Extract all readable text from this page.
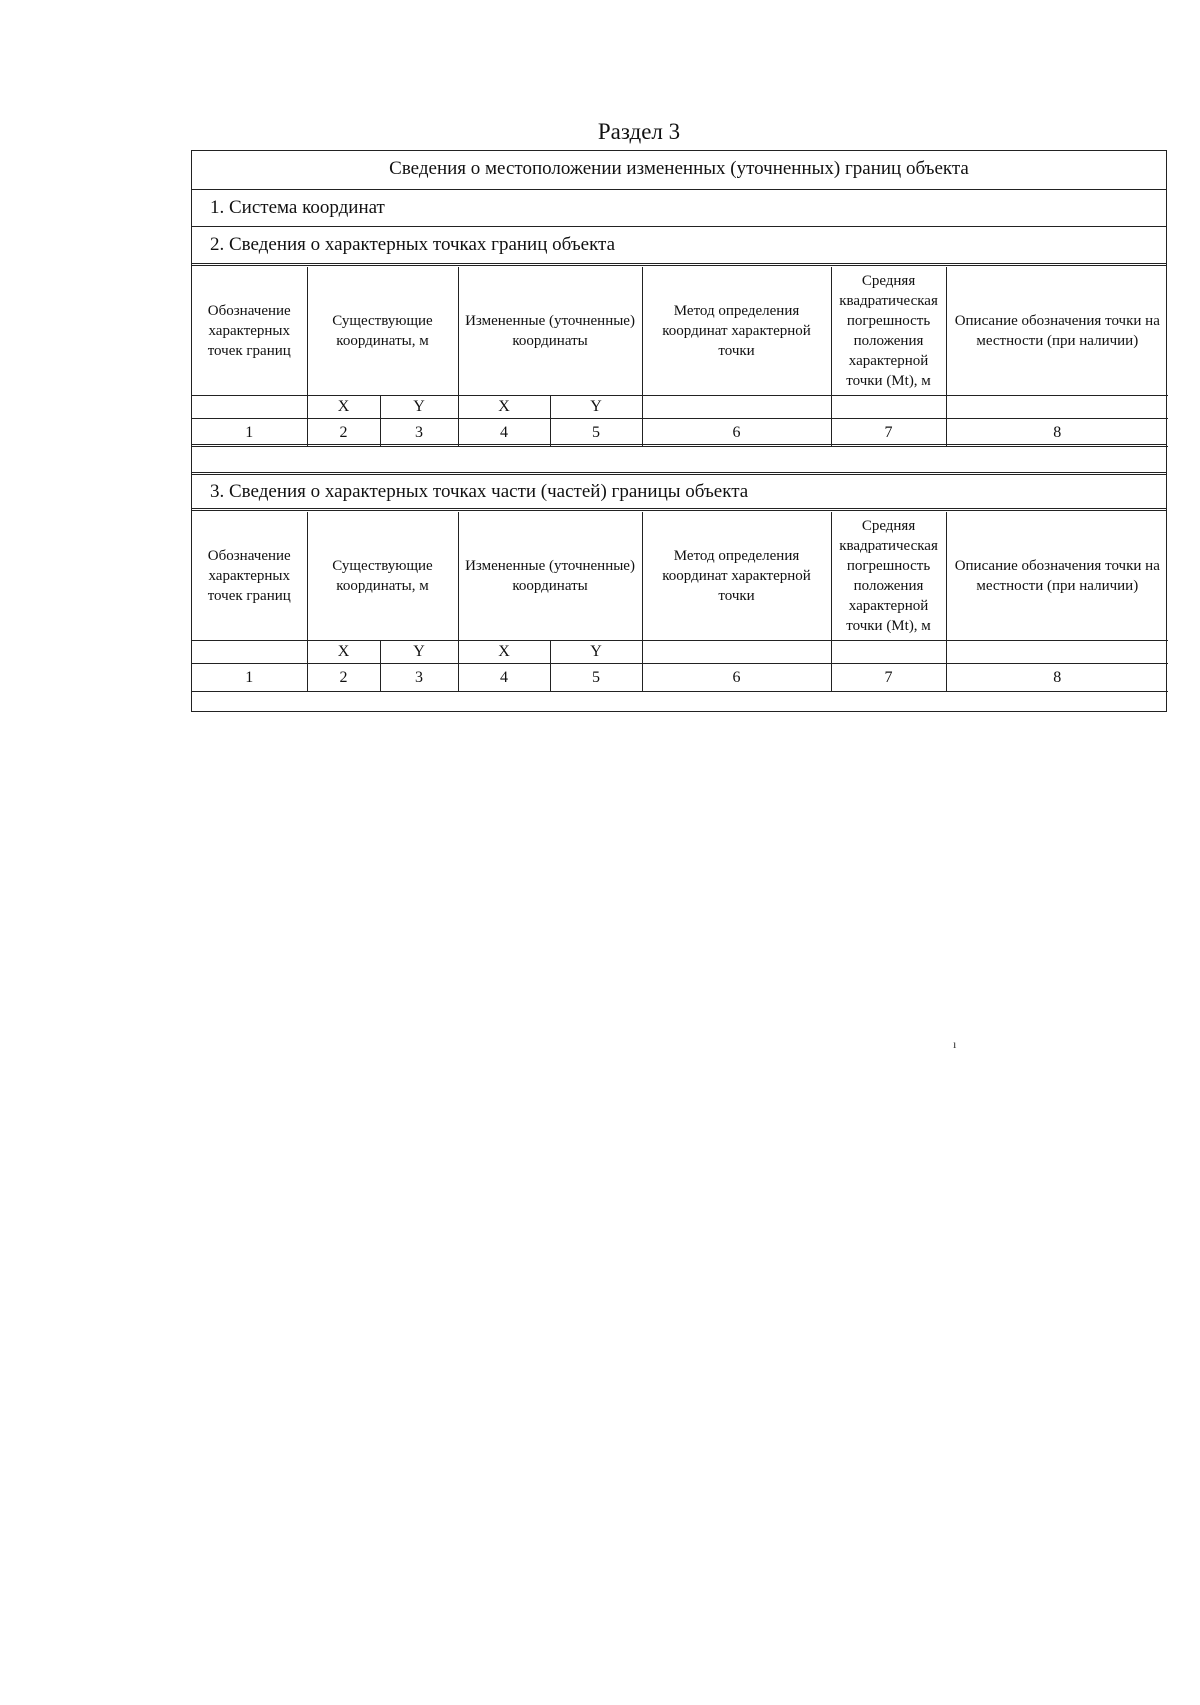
Раздел 3
Сведения о местоположении измененных (уточненных) границ объекта
1. Система координат
2. Сведения о характерных точках границ объекта
Обозначение характерных точек границ	Существующие координаты, м		Измененные (уточненные) координаты		Метод определения координат характерной точки	Средняя квадратическая погрешность положения характерной точки (Mt), м	Описание обозначения точки на местности (при наличии)
	X	Y	X	Y			
1	2	3	4	5	6	7	8
3. Сведения о характерных точках части (частей) границы объекта
Обозначение характерных точек границ	Существующие координаты, м		Измененные (уточненные) координаты		Метод определения координат характерной точки	Средняя квадратическая погрешность положения характерной точки (Mt), м	Описание обозначения точки на местности (при наличии)
	X	Y	X	Y			
1	2	3	4	5	6	7	8
ı
